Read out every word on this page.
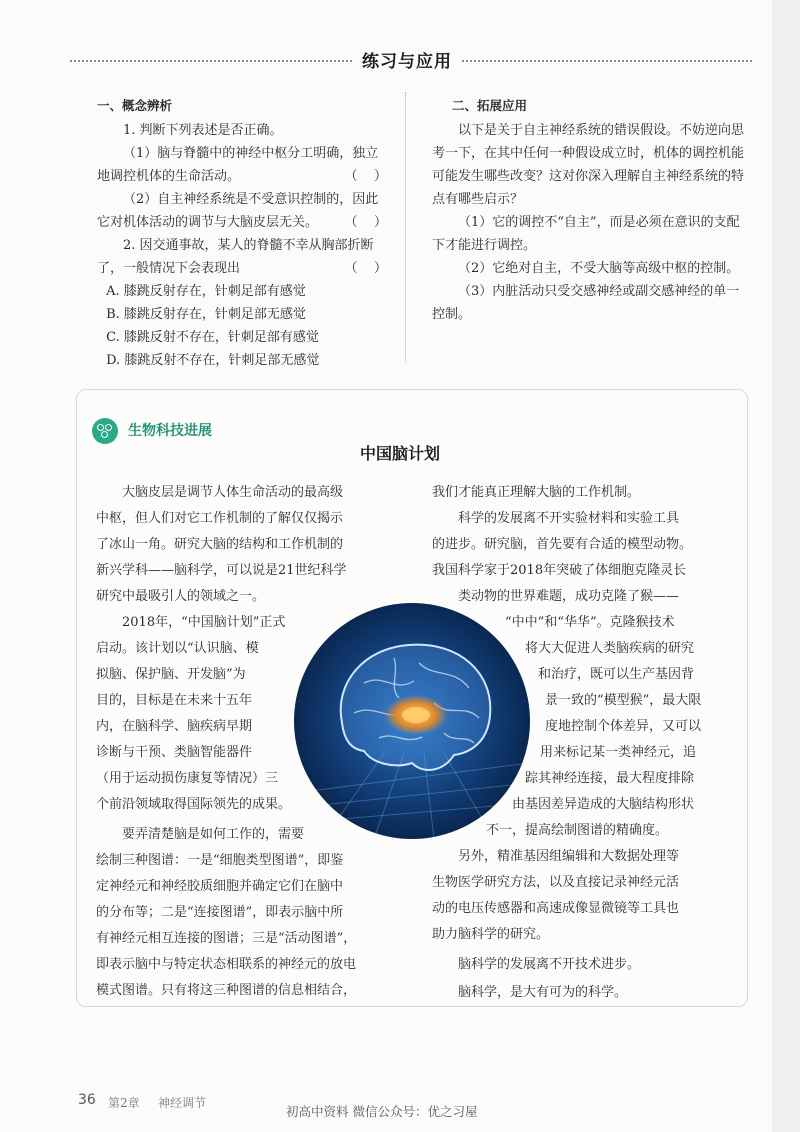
练习与应用

一、概念辨析

1. 判断下列表述是否正确。

（1）脑与脊髓中的神经中枢分工明确，独立

地调控机体的生命活动。	（    ）

（2）自主神经系统是不受意识控制的，因此

它对机体活动的调节与大脑皮层无关。	（    ）

2. 因交通事故，某人的脊髓不幸从胸部折断

了，一般情况下会表现出	（    ）

A. 膝跳反射存在，针刺足部有感觉

B. 膝跳反射存在，针刺足部无感觉

C. 膝跳反射不存在，针刺足部有感觉

D. 膝跳反射不存在，针刺足部无感觉

二、拓展应用

以下是关于自主神经系统的错误假设。不妨逆向思考一下，在其中任何一种假设成立时，机体的调控机能可能发生哪些改变？这对你深入理解自主神经系统的特点有哪些启示？

（1）它的调控不“自主”，而是必须在意识的支配下才能进行调控。

（2）它绝对自主，不受大脑等高级中枢的控制。

（3）内脏活动只受交感神经或副交感神经的单一控制。

生物科技进展
中国脑计划

大脑皮层是调节人体生命活动的最高级

中枢，但人们对它工作机制的了解仅仅揭示

了冰山一角。研究大脑的结构和工作机制的

新兴学科——脑科学，可以说是21世纪科学

研究中最吸引人的领域之一。

2018年，“中国脑计划”正式

启动。该计划以“认识脑、模

拟脑、保护脑、开发脑”为

目的，目标是在未来十五年

内，在脑科学、脑疾病早期

诊断与干预、类脑智能器件

（用于运动损伤康复等情况）三

个前沿领域取得国际领先的成果。

要弄清楚脑是如何工作的，需要

绘制三种图谱：一是“细胞类型图谱”，即鉴

定神经元和神经胶质细胞并确定它们在脑中

的分布等；二是“连接图谱”，即表示脑中所

有神经元相互连接的图谱；三是“活动图谱”，

即表示脑中与特定状态相联系的神经元的放电

模式图谱。只有将这三种图谱的信息相结合，

我们才能真正理解大脑的工作机制。
科学的发展离不开实验材料和实验工具
的进步。研究脑，首先要有合适的模型动物。
我国科学家于2018年突破了体细胞克隆灵长
类动物的世界难题，成功克隆了猴——
“中中”和“华华”。克隆猴技术
将大大促进人类脑疾病的研究
和治疗，既可以生产基因背
景一致的“模型猴”，最大限
度地控制个体差异，又可以
用来标记某一类神经元，追
踪其神经连接，最大程度排除
由基因差异造成的大脑结构形状
不一，提高绘制图谱的精确度。
另外，精准基因组编辑和大数据处理等
生物医学研究方法，以及直接记录神经元活
动的电压传感器和高速成像显微镜等工具也
助力脑科学的研究。
脑科学的发展离不开技术进步。
脑科学，是大有可为的科学。
36 第2章 神经调节
初高中资料 微信公众号：优之习屋
